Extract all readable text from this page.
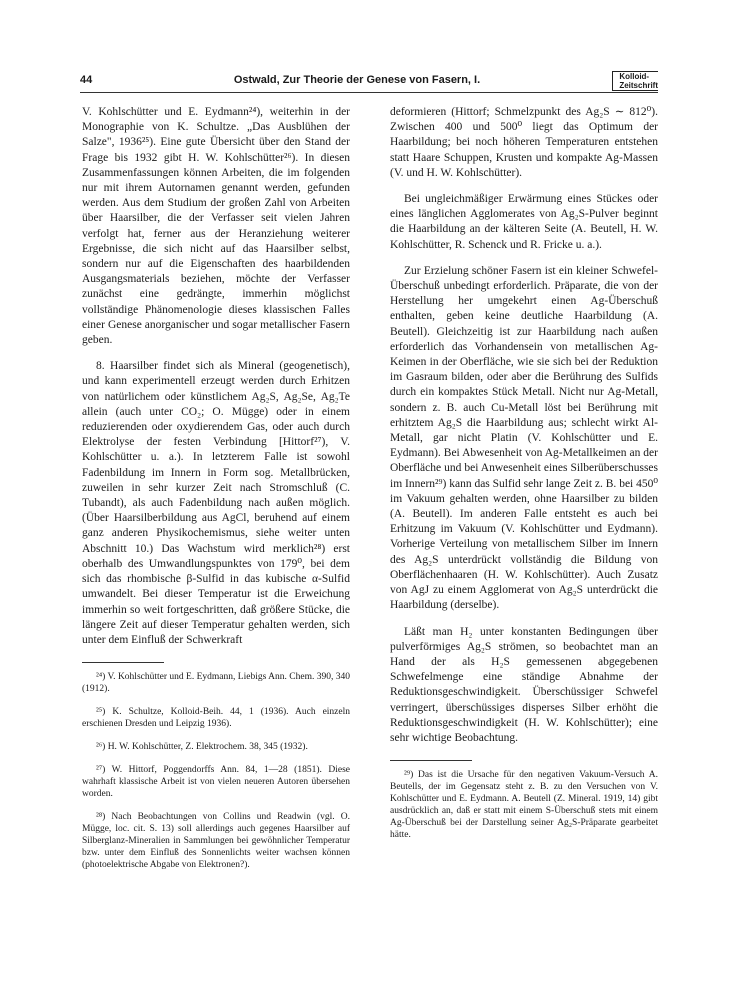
44	Ostwald, Zur Theorie der Genese von Fasern, I.	Kolloid-
Zeitschrift

V. Kohlschütter und E. Eydmann²⁴), weiterhin in der Monographie von K. Schultze. „Das Ausblühen der Salze", 1936²⁵). Eine gute Übersicht über den Stand der Frage bis 1932 gibt H. W. Kohlschütter²⁶). In diesen Zusammenfassungen können Arbeiten, die im folgenden nur mit ihrem Autornamen genannt werden, gefunden werden. Aus dem Studium der großen Zahl von Arbeiten über Haarsilber, die der Verfasser seit vielen Jahren verfolgt hat, ferner aus der Heranziehung weiterer Ergebnisse, die sich nicht auf das Haarsilber selbst, sondern nur auf die Eigenschaften des haarbildenden Ausgangsmaterials beziehen, möchte der Verfasser zunächst eine gedrängte, immerhin möglichst vollständige Phänomenologie dieses klassischen Falles einer Genese anorganischer und sogar metallischer Fasern geben.

8. Haarsilber findet sich als Mineral (geogenetisch), und kann experimentell erzeugt werden durch Erhitzen von natürlichem oder künstlichem Ag₂S, Ag₂Se, Ag₂Te allein (auch unter CO₂; O. Mügge) oder in einem reduzierenden oder oxydierendem Gas, oder auch durch Elektrolyse der festen Verbindung [Hittorf²⁷), V. Kohlschütter u. a.). In letzterem Falle ist sowohl Fadenbildung im Innern in Form sog. Metallbrücken, zuweilen in sehr kurzer Zeit nach Stromschluß (C. Tubandt), als auch Fadenbildung nach außen möglich. (Über Haarsilberbildung aus AgCl, beruhend auf einem ganz anderen Physikochemismus, siehe weiter unten Abschnitt 10.) Das Wachstum wird merklich²⁸) erst oberhalb des Umwandlungspunktes von 179⁰, bei dem sich das rhombische β-Sulfid in das kubische α-Sulfid umwandelt. Bei dieser Temperatur ist die Erweichung immerhin so weit fortgeschritten, daß größere Stücke, die längere Zeit auf dieser Temperatur gehalten werden, sich unter dem Einfluß der Schwerkraft

²⁴) V. Kohlschütter und E. Eydmann, Liebigs Ann. Chem. 390, 340 (1912).

²⁵) K. Schultze, Kolloid-Beih. 44, 1 (1936). Auch einzeln erschienen Dresden und Leipzig 1936).

²⁶) H. W. Kohlschütter, Z. Elektrochem. 38, 345 (1932).

²⁷) W. Hittorf, Poggendorffs Ann. 84, 1—28 (1851). Diese wahrhaft klassische Arbeit ist von vielen neueren Autoren übersehen worden.

²⁸) Nach Beobachtungen von Collins und Readwin (vgl. O. Mügge, loc. cit. S. 13) soll allerdings auch gegenes Haarsilber auf Silberglanz-Mineralien in Sammlungen bei gewöhnlicher Temperatur bzw. unter dem Einfluß des Sonnenlichts weiter wachsen können (photoelektrische Abgabe von Elektronen?).

deformieren (Hittorf; Schmelzpunkt des Ag₂S ∼ 812⁰). Zwischen 400 und 500⁰ liegt das Optimum der Haarbildung; bei noch höheren Temperaturen entstehen statt Haare Schuppen, Krusten und kompakte Ag-Massen (V. und H. W. Kohlschütter).

Bei ungleichmäßiger Erwärmung eines Stückes oder eines länglichen Agglomerates von Ag₂S-Pulver beginnt die Haarbildung an der kälteren Seite (A. Beutell, H. W. Kohlschütter, R. Schenck und R. Fricke u. a.).

Zur Erzielung schöner Fasern ist ein kleiner Schwefel-Überschuß unbedingt erforderlich. Präparate, die von der Herstellung her umgekehrt einen Ag-Überschuß enthalten, geben keine deutliche Haarbildung (A. Beutell). Gleichzeitig ist zur Haarbildung nach außen erforderlich das Vorhandensein von metallischen Ag-Keimen in der Oberfläche, wie sie sich bei der Reduktion im Gasraum bilden, oder aber die Berührung des Sulfids durch ein kompaktes Stück Metall. Nicht nur Ag-Metall, sondern z. B. auch Cu-Metall löst bei Berührung mit erhitztem Ag₂S die Haarbildung aus; schlecht wirkt Al-Metall, gar nicht Platin (V. Kohlschütter und E. Eydmann). Bei Abwesenheit von Ag-Metallkeimen an der Oberfläche und bei Anwesenheit eines Silberüberschusses im Innern²⁹) kann das Sulfid sehr lange Zeit z. B. bei 450⁰ im Vakuum gehalten werden, ohne Haarsilber zu bilden (A. Beutell). Im anderen Falle entsteht es auch bei Erhitzung im Vakuum (V. Kohlschütter und Eydmann). Vorherige Verteilung von metallischem Silber im Innern des Ag₂S unterdrückt vollständig die Bildung von Oberflächenhaaren (H. W. Kohlschütter). Auch Zusatz von AgJ zu einem Agglomerat von Ag₂S unterdrückt die Haarbildung (derselbe).

Läßt man H₂ unter konstanten Bedingungen über pulverförmiges Ag₂S strömen, so beobachtet man an Hand der als H₂S gemessenen abgegebenen Schwefelmenge eine ständige Abnahme der Reduktionsgeschwindigkeit. Überschüssiger Schwefel verringert, überschüssiges disperses Silber erhöht die Reduktionsgeschwindigkeit (H. W. Kohlschütter); eine sehr wichtige Beobachtung.

²⁹) Das ist die Ursache für den negativen Vakuum-Versuch A. Beutells, der im Gegensatz steht z. B. zu den Versuchen von V. Kohlschütter und E. Eydmann. A. Beutell (Z. Mineral. 1919, 14) gibt ausdrücklich an, daß er statt mit einem S-Überschuß stets mit einem Ag-Überschuß bei der Darstellung seiner Ag₂S-Präparate gearbeitet hätte.
